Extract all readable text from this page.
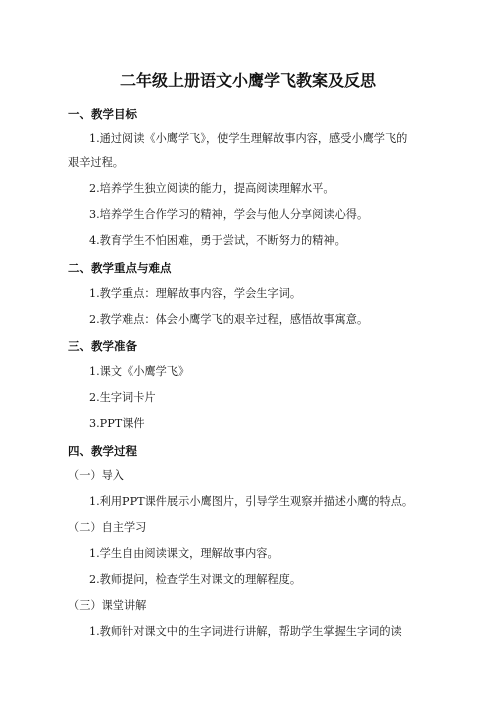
二年级上册语文小鹰学飞教案及反思
一、教学目标
1.通过阅读《小鹰学飞》，使学生理解故事内容，感受小鹰学飞的
艰辛过程。
2.培养学生独立阅读的能力，提高阅读理解水平。
3.培养学生合作学习的精神，学会与他人分享阅读心得。
4.教育学生不怕困难，勇于尝试，不断努力的精神。
二、教学重点与难点
1.教学重点：理解故事内容，学会生字词。
2.教学难点：体会小鹰学飞的艰辛过程，感悟故事寓意。
三、教学准备
1.课文《小鹰学飞》
2.生字词卡片
3.PPT课件
四、教学过程
（一）导入
1.利用PPT课件展示小鹰图片，引导学生观察并描述小鹰的特点。
（二）自主学习
1.学生自由阅读课文，理解故事内容。
2.教师提问，检查学生对课文的理解程度。
（三）课堂讲解
1.教师针对课文中的生字词进行讲解，帮助学生掌握生字词的读
